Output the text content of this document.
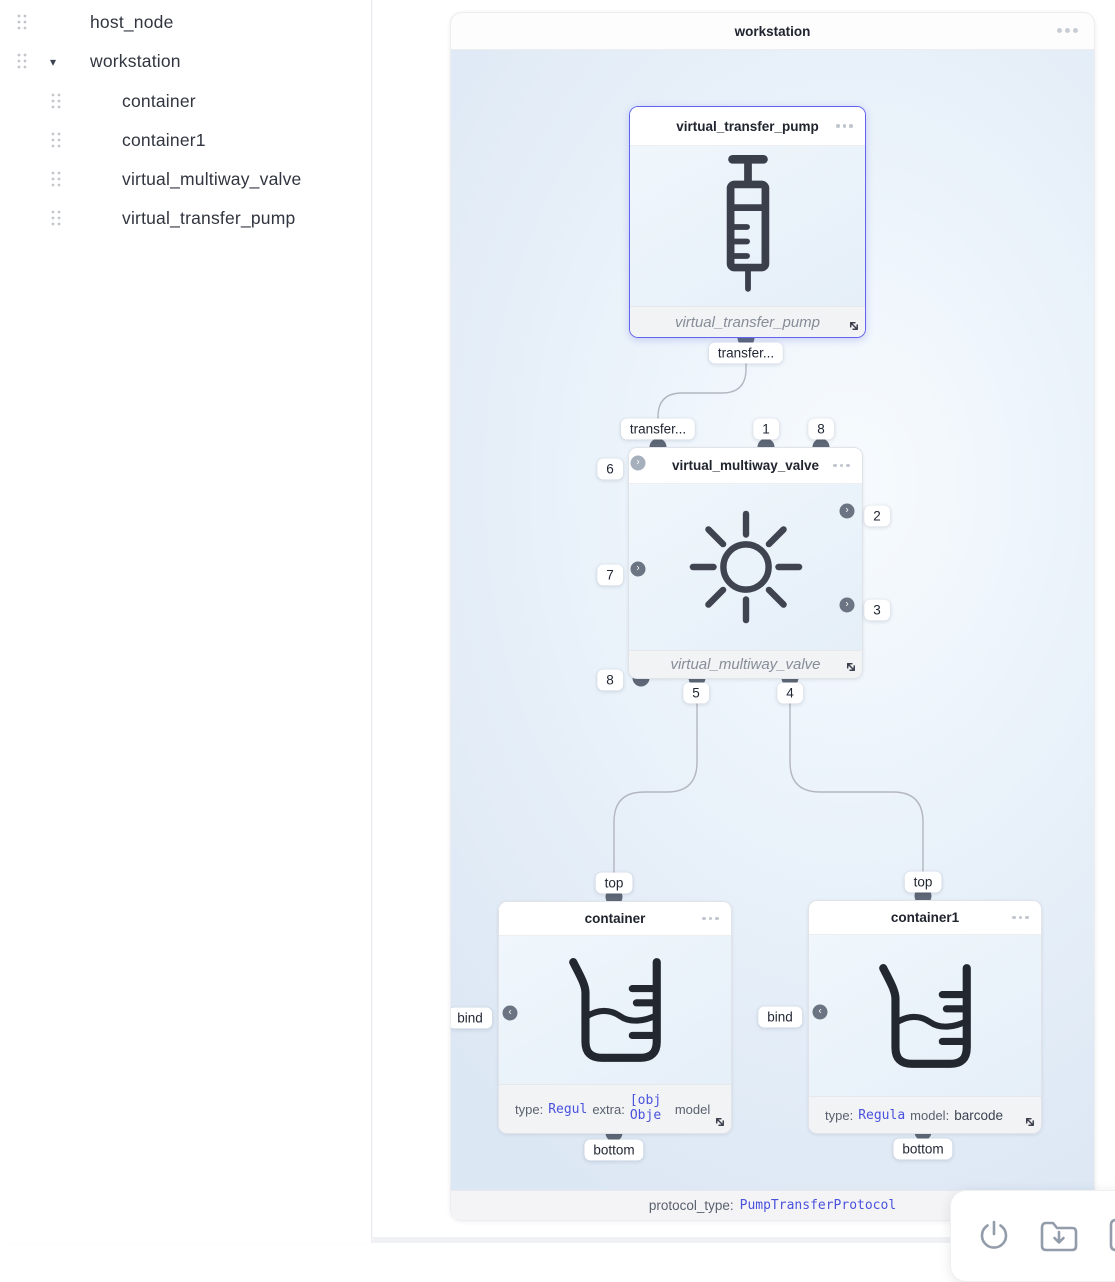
host_node
▾ workstation
container
container1
virtual_multiway_valve
virtual_transfer_pump
workstation
virtual_transfer_pump
virtual_transfer_pump
virtual_multiway_valve
virtual_multiway_valve
container
type: Regul extra:
[obj Obje	model
container1
type: Regula model: barcode
›
›
›
›
‹	‹
transfer...
transfer...	1	8
6
7
8
2
3
5	4
top
bind
bottom
top
bind
bottom
protocol_type: PumpTransferProtocol
